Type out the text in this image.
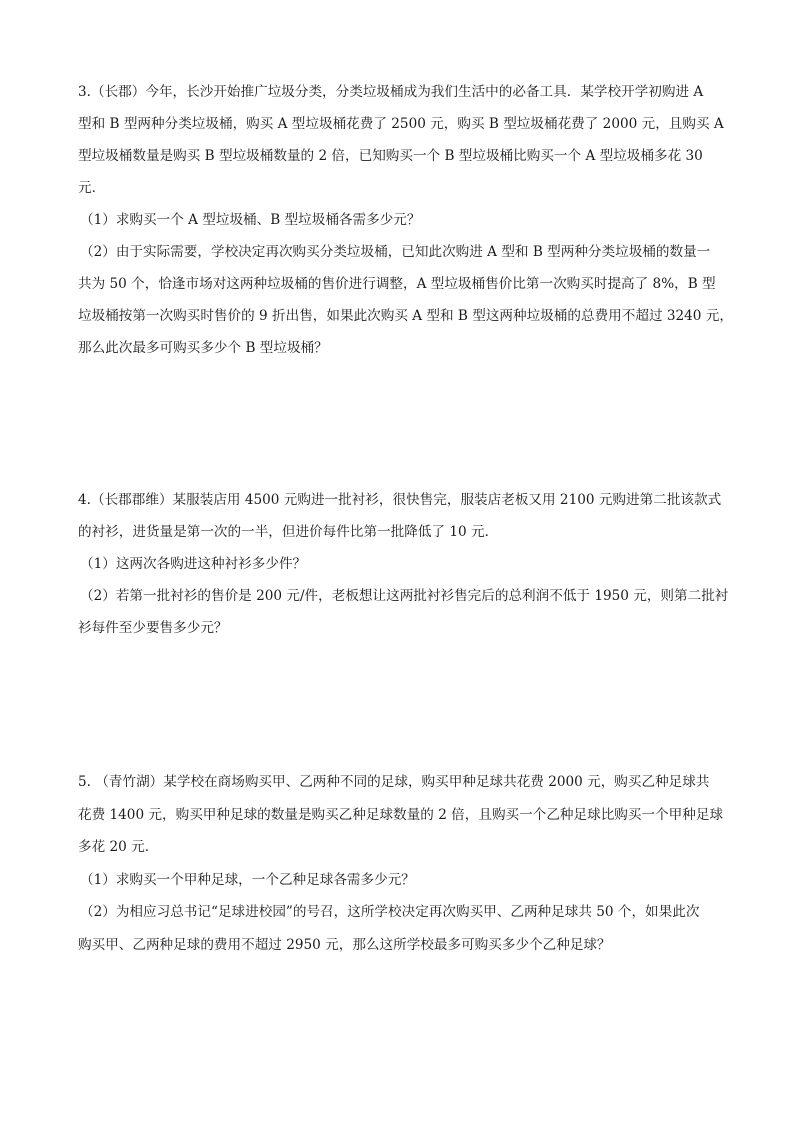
3.（长郡）今年，长沙开始推广垃圾分类，分类垃圾桶成为我们生活中的必备工具．某学校开学初购进 A
型和 B 型两种分类垃圾桶，购买 A 型垃圾桶花费了 2500 元，购买 B 型垃圾桶花费了 2000 元，且购买 A
型垃圾桶数量是购买 B 型垃圾桶数量的 2 倍，已知购买一个 B 型垃圾桶比购买一个 A 型垃圾桶多花 30
元．
（1）求购买一个 A 型垃圾桶、B 型垃圾桶各需多少元？
（2）由于实际需要，学校决定再次购买分类垃圾桶，已知此次购进 A 型和 B 型两种分类垃圾桶的数量一
共为 50 个，恰逢市场对这两种垃圾桶的售价进行调整，A 型垃圾桶售价比第一次购买时提高了 8%，B 型
垃圾桶按第一次购买时售价的 9 折出售，如果此次购买 A 型和 B 型这两种垃圾桶的总费用不超过 3240 元，
那么此次最多可购买多少个 B 型垃圾桶？
4.（长郡郡维）某服装店用 4500 元购进一批衬衫，很快售完，服装店老板又用 2100 元购进第二批该款式
的衬衫，进货量是第一次的一半，但进价每件比第一批降低了 10 元．
（1）这两次各购进这种衬衫多少件？
（2）若第一批衬衫的售价是 200 元/件，老板想让这两批衬衫售完后的总利润不低于 1950 元，则第二批衬
衫每件至少要售多少元？
5. （青竹湖）某学校在商场购买甲、乙两种不同的足球，购买甲种足球共花费 2000 元，购买乙种足球共
花费 1400 元，购买甲种足球的数量是购买乙种足球数量的 2 倍，且购买一个乙种足球比购买一个甲种足球
多花 20 元．
（1）求购买一个甲种足球，一个乙种足球各需多少元？
（2）为相应习总书记“足球进校园”的号召，这所学校决定再次购买甲、乙两种足球共 50 个，如果此次
购买甲、乙两种足球的费用不超过 2950 元，那么这所学校最多可购买多少个乙种足球？
